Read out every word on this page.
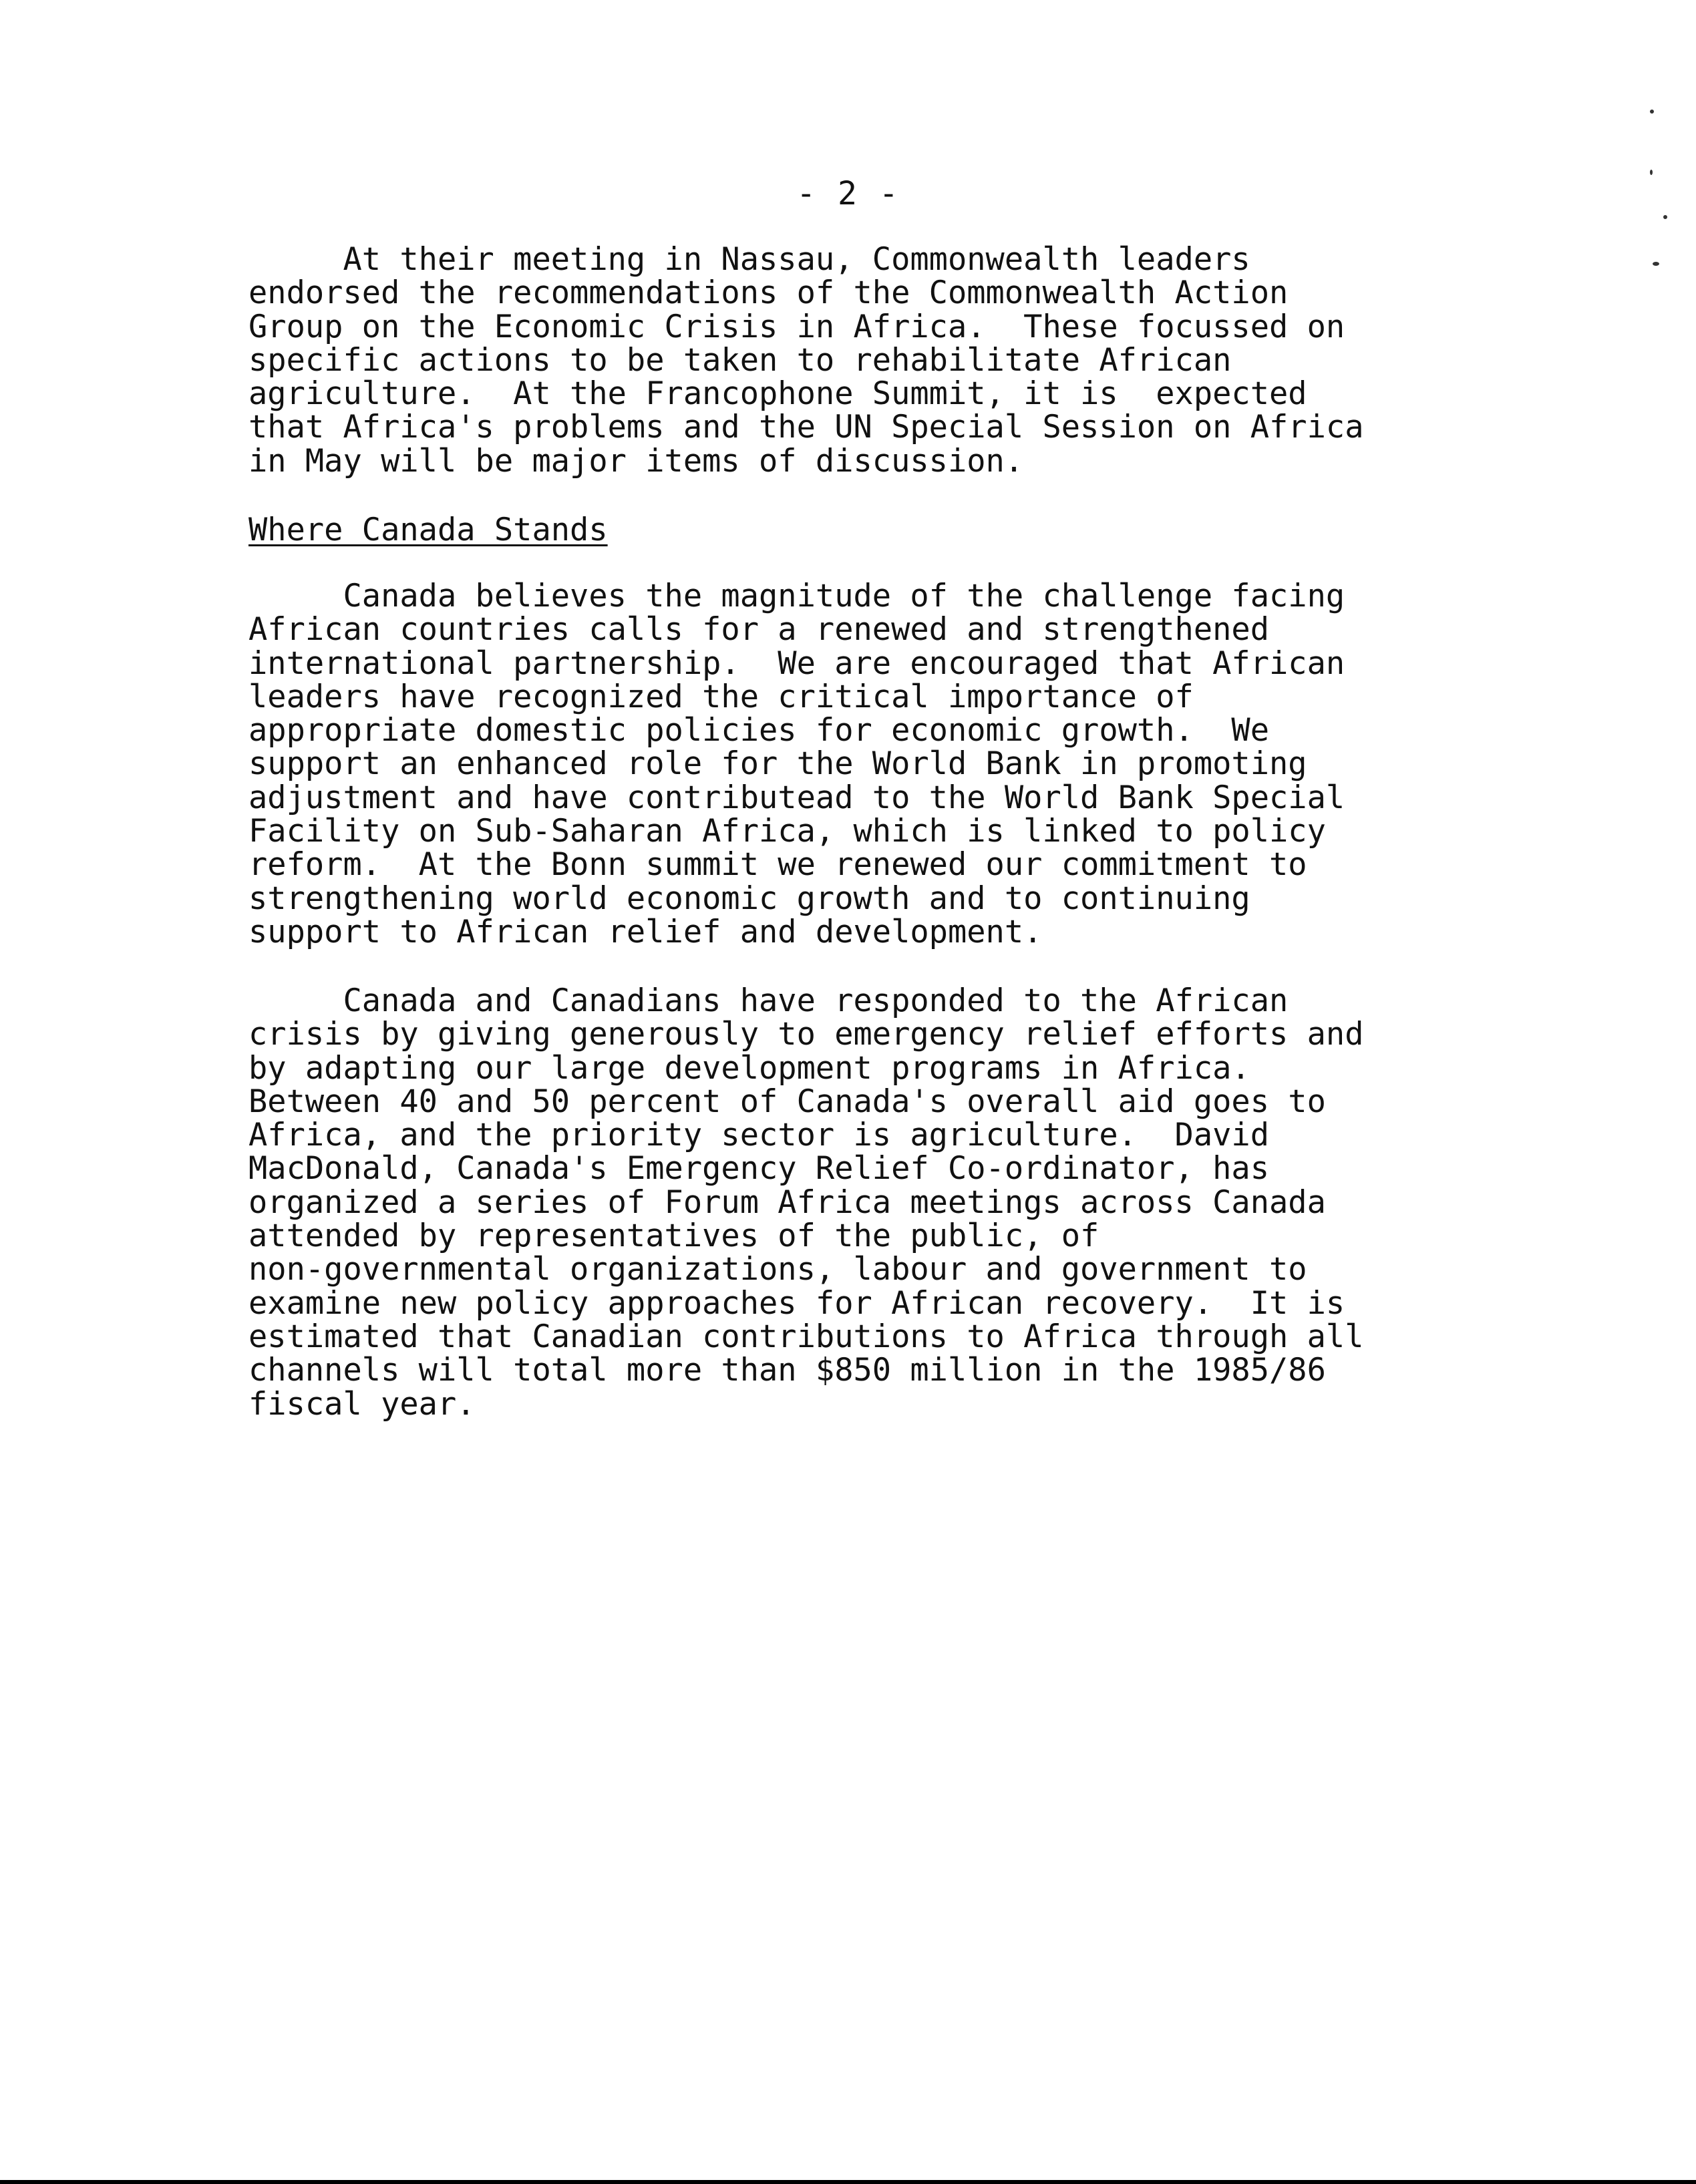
- 2 -

At their meeting in Nassau, Commonwealth leaders
endorsed the recommendations of the Commonwealth Action
Group on the Economic Crisis in Africa.  These focussed on
specific actions to be taken to rehabilitate African
agriculture.  At the Francophone Summit, it is  expected
that Africa's problems and the UN Special Session on Africa
in May will be major items of discussion.

Where Canada Stands

Canada believes the magnitude of the challenge facing
African countries calls for a renewed and strengthened
international partnership.  We are encouraged that African
leaders have recognized the critical importance of
appropriate domestic policies for economic growth.  We
support an enhanced role for the World Bank in promoting
adjustment and have contributead to the World Bank Special
Facility on Sub-Saharan Africa, which is linked to policy
reform.  At the Bonn summit we renewed our commitment to
strengthening world economic growth and to continuing
support to African relief and development.

Canada and Canadians have responded to the African
crisis by giving generously to emergency relief efforts and
by adapting our large development programs in Africa.
Between 40 and 50 percent of Canada's overall aid goes to
Africa, and the priority sector is agriculture.  David
MacDonald, Canada's Emergency Relief Co-ordinator, has
organized a series of Forum Africa meetings across Canada
attended by representatives of the public, of
non-governmental organizations, labour and government to
examine new policy approaches for African recovery.  It is
estimated that Canadian contributions to Africa through all
channels will total more than $850 million in the 1985/86
fiscal year.
